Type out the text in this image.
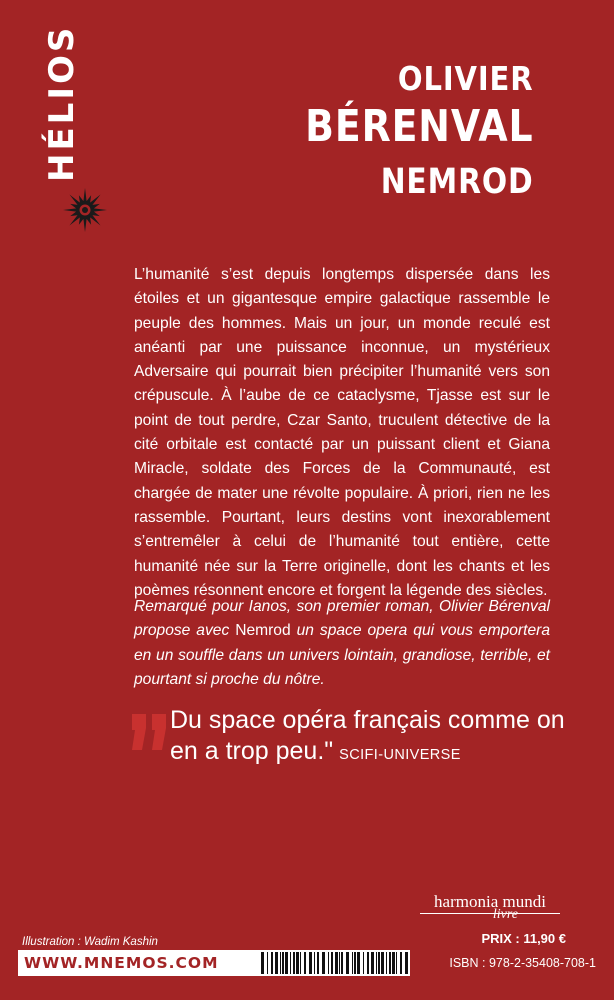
HÉLIOS	OLIVIER
BÉRENVAL
NEMROD

L’humanité s’est depuis longtemps dispersée dans les étoiles et un gigantesque empire galactique rassemble le peuple des hommes. Mais un jour, un monde reculé est anéanti par une puissance inconnue, un mystérieux Adversaire qui pourrait bien précipiter l’humanité vers son crépuscule. À l’aube de ce cataclysme, Tjasse est sur le point de tout perdre, Czar Santo, truculent détective de la cité orbitale est contacté par un puissant client et Giana Miracle, soldate des Forces de la Communauté, est chargée de mater une révolte populaire. À priori, rien ne les rassemble. Pourtant, leurs destins vont inexorablement s’entremêler à celui de l’humanité tout entière, cette humanité née sur la Terre originelle, dont les chants et les poèmes résonnent encore et forgent la légende des siècles.

Remarqué pour Ianos, son premier roman, Olivier Bérenval propose avec Nemrod un space opera qui vous emportera en un souffle dans un univers lointain, grandiose, terrible, et pourtant si proche du nôtre.
Du space opéra français comme on en a trop peu." SCIFI-UNIVERSE
harmonia mundi
livre
PRIX : 11,90 €
Illustration : Wadim Kashin
WWW.MNEMOS.COM	ISBN : 978-2-35408-708-1
